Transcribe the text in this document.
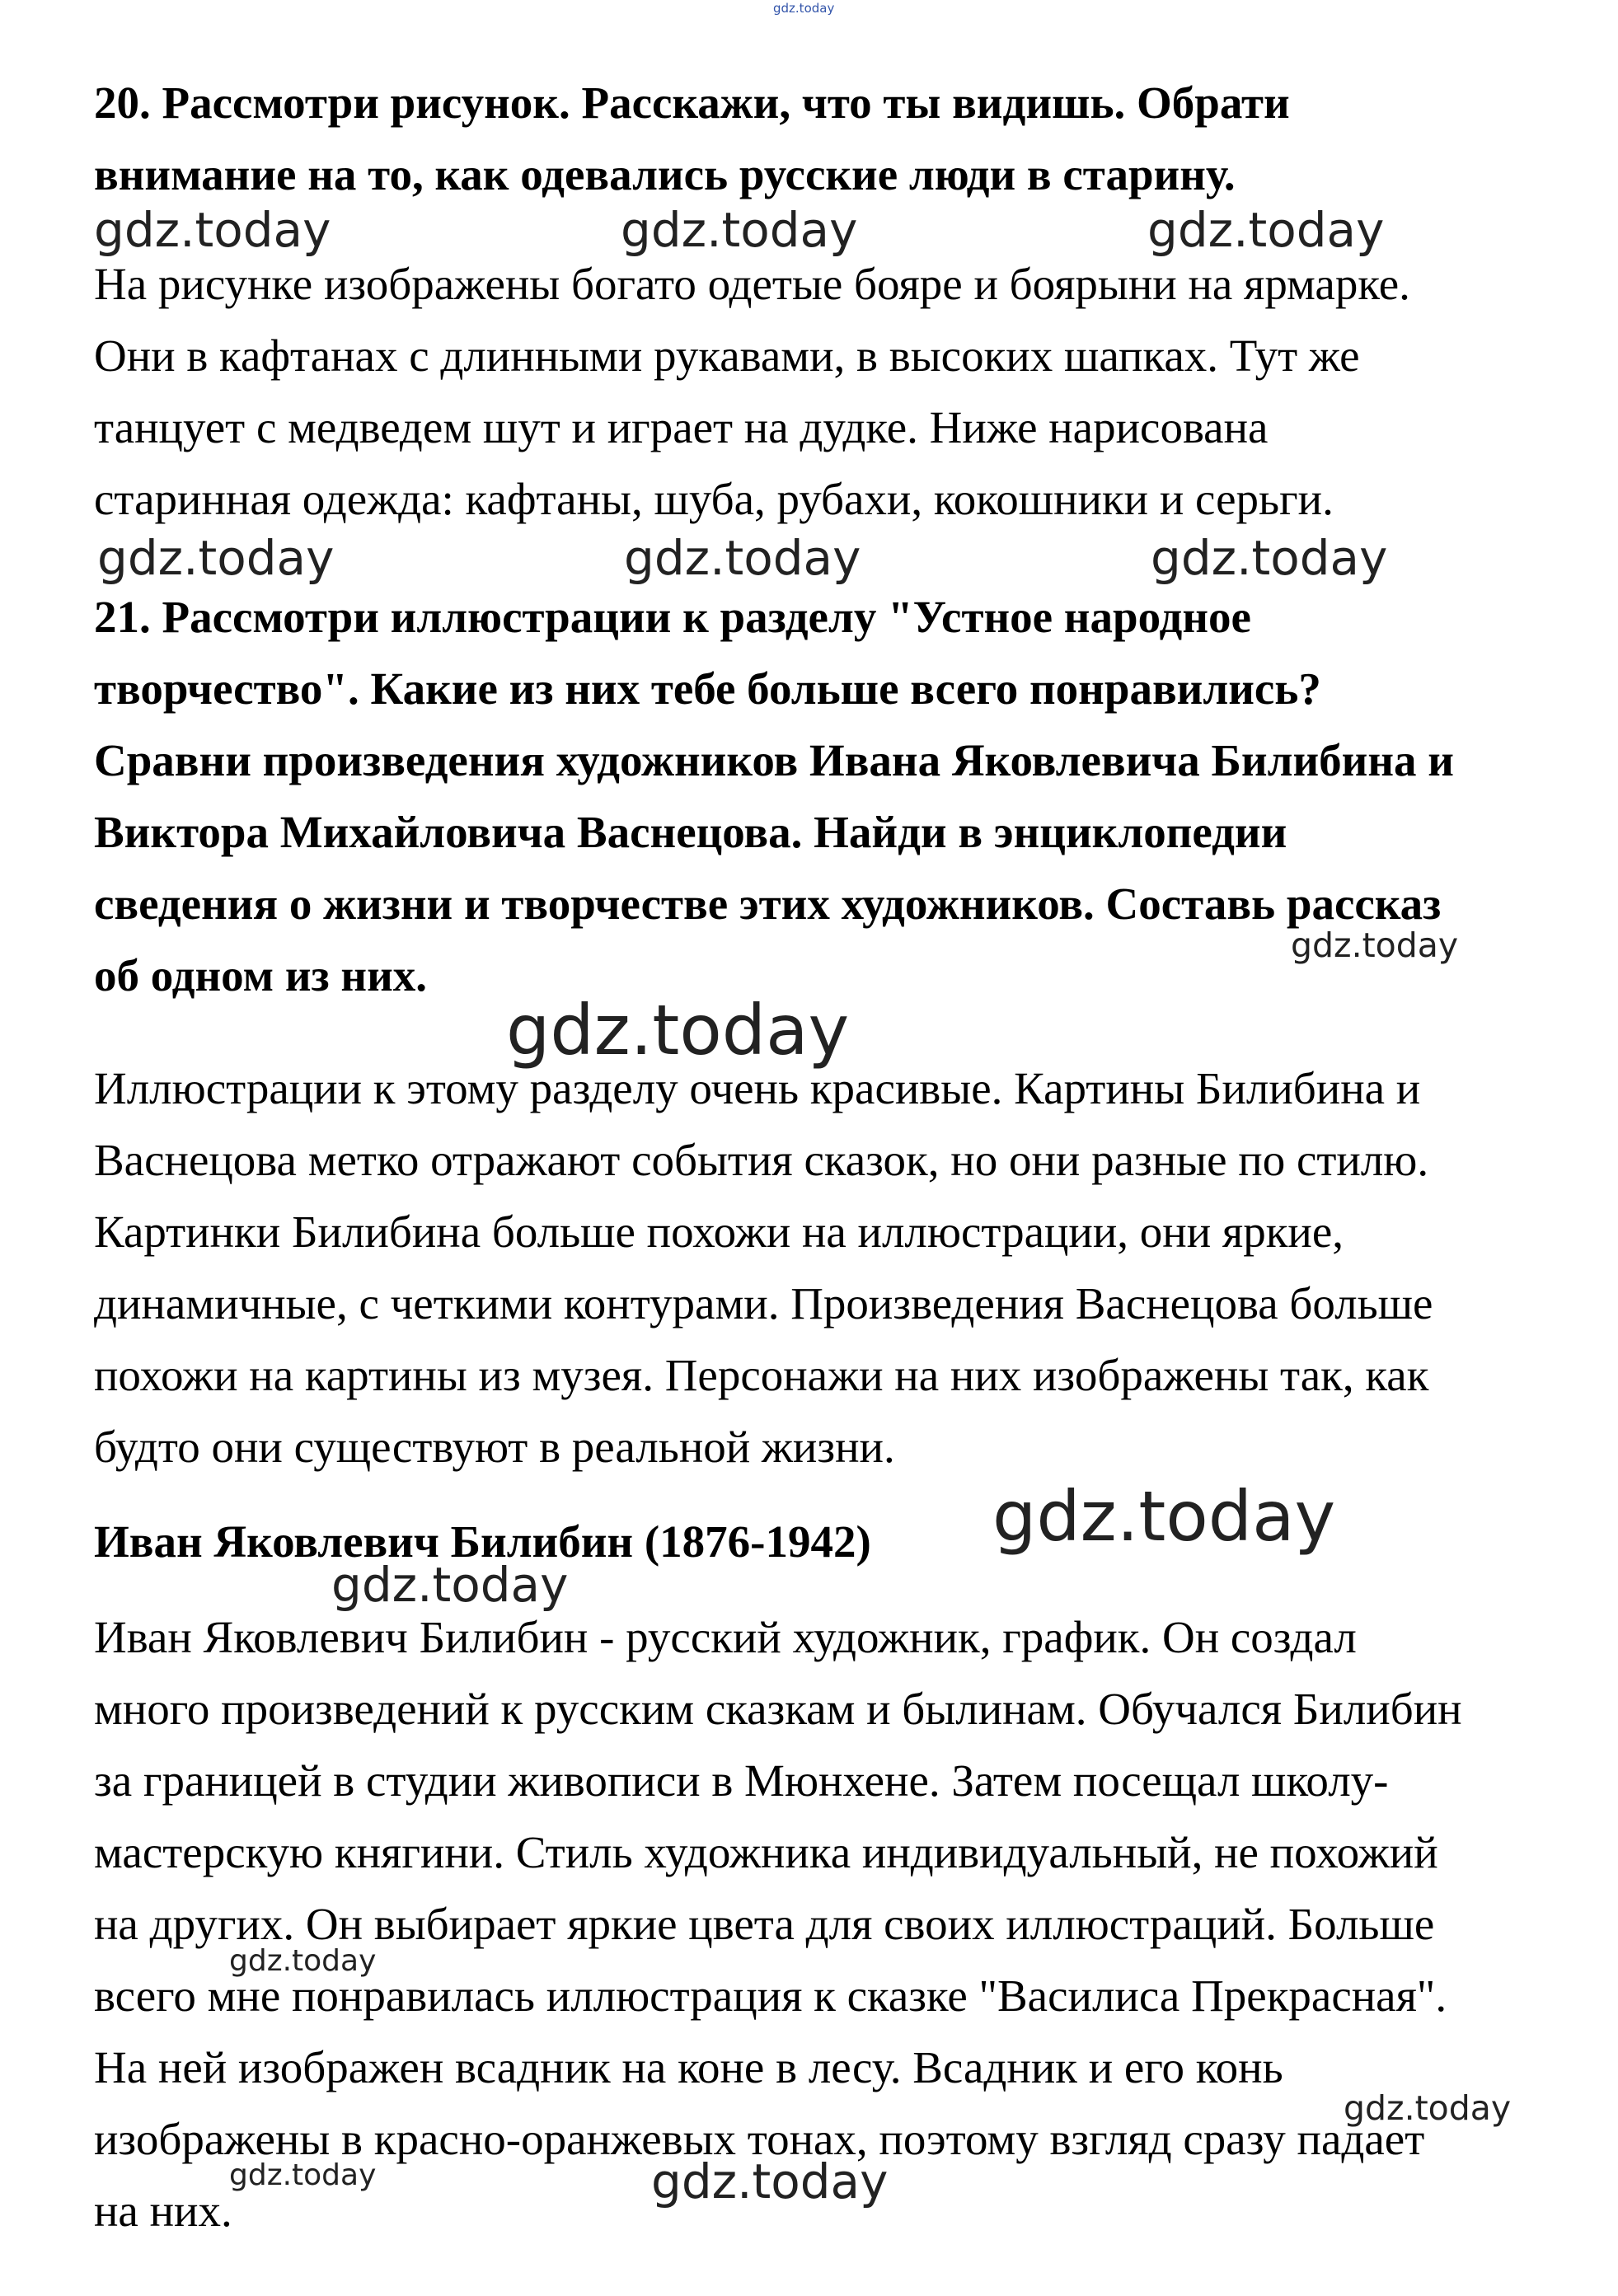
gdz.today
20. Рассмотри рисунок. Расскажи, что ты видишь. Обрати
внимание на то, как одевались русские люди в старину.
gdz.today	gdz.today	gdz.today
На рисунке изображены богато одетые бояре и боярыни на ярмарке.
Они в кафтанах с длинными рукавами, в высоких шапках. Тут же
танцует с медведем шут и играет на дудке. Ниже нарисована
старинная одежда: кафтаны, шуба, рубахи, кокошники и серьги.
gdz.today	gdz.today	gdz.today
21. Рассмотри иллюстрации к разделу "Устное народное
творчество". Какие из них тебе больше всего понравились?
Сравни произведения художников Ивана Яковлевича Билибина и
Виктора Михайловича Васнецова. Найди в энциклопедии
сведения о жизни и творчестве этих художников. Составь рассказ
об одном из них.
gdz.today
gdz.today
Иллюстрации к этому разделу очень красивые. Картины Билибина и
Васнецова метко отражают события сказок, но они разные по стилю.
Картинки Билибина больше похожи на иллюстрации, они яркие,
динамичные, с четкими контурами. Произведения Васнецова больше
похожи на картины из музея. Персонажи на них изображены так, как
будто они существуют в реальной жизни.
Иван Яковлевич Билибин (1876-1942) gdz.today
gdz.today
Иван Яковлевич Билибин - русский художник, график. Он создал
много произведений к русским сказкам и былинам. Обучался Билибин
за границей в студии живописи в Мюнхене. Затем посещал школу-
мастерскую княгини. Стиль художника индивидуальный, не похожий
на других. Он выбирает яркие цвета для своих иллюстраций. Больше
gdz.today
всего мне понравилась иллюстрация к сказке "Василиса Прекрасная".
На ней изображен всадник на коне в лесу. Всадник и его конь
gdz.today
изображены в красно-оранжевых тонах, поэтому взгляд сразу падает
gdz.today	gdz.today
на них.
